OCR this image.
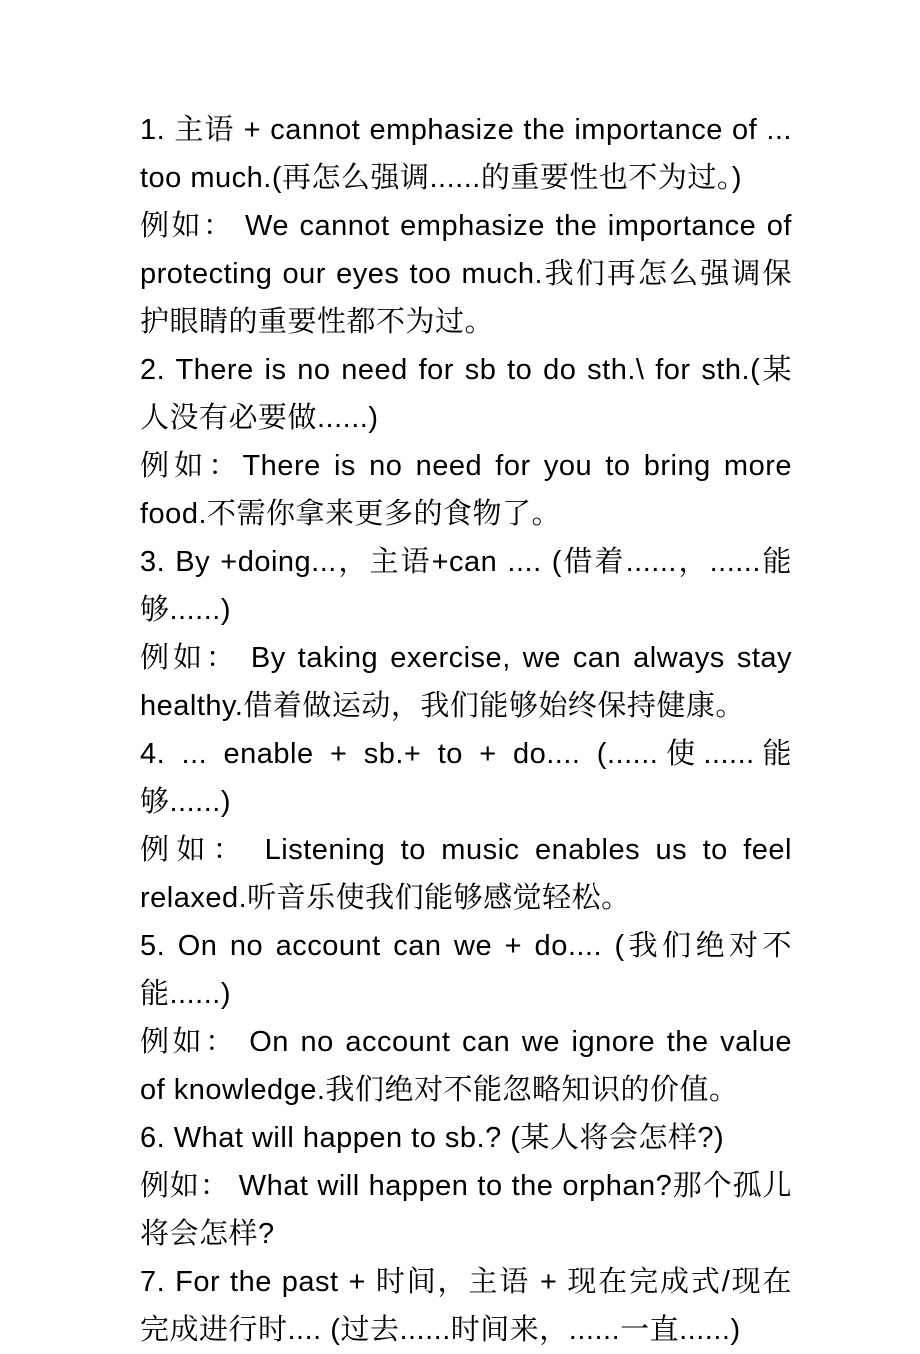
1. 主语 + cannot emphasize the importance of ... too much.(再怎么强调......的重要性也不为过。)

例如： We cannot emphasize the importance of protecting our eyes too much.我们再怎么强调保护眼睛的重要性都不为过。

2. There is no need for sb to do sth.\ for sth.(某人没有必要做......)

例如：There is no need for you to bring more food.不需你拿来更多的食物了。

3. By +doing...，主语+can .... (借着......，......能够......)

例如： By taking exercise, we can always stay healthy.借着做运动，我们能够始终保持健康。

4. ... enable + sb.+ to + do.... (......使......能够......)

例如： Listening to music enables us to feel relaxed.听音乐使我们能够感觉轻松。

5. On no account can we + do.... (我们绝对不能......)

例如： On no account can we ignore the value of knowledge.我们绝对不能忽略知识的价值。

6. What will happen to sb.? (某人将会怎样?)

例如： What will happen to the orphan?那个孤儿将会怎样?

7. For the past + 时间，主语 + 现在完成式/现在完成进行时.... (过去......时间来，......一直......)
